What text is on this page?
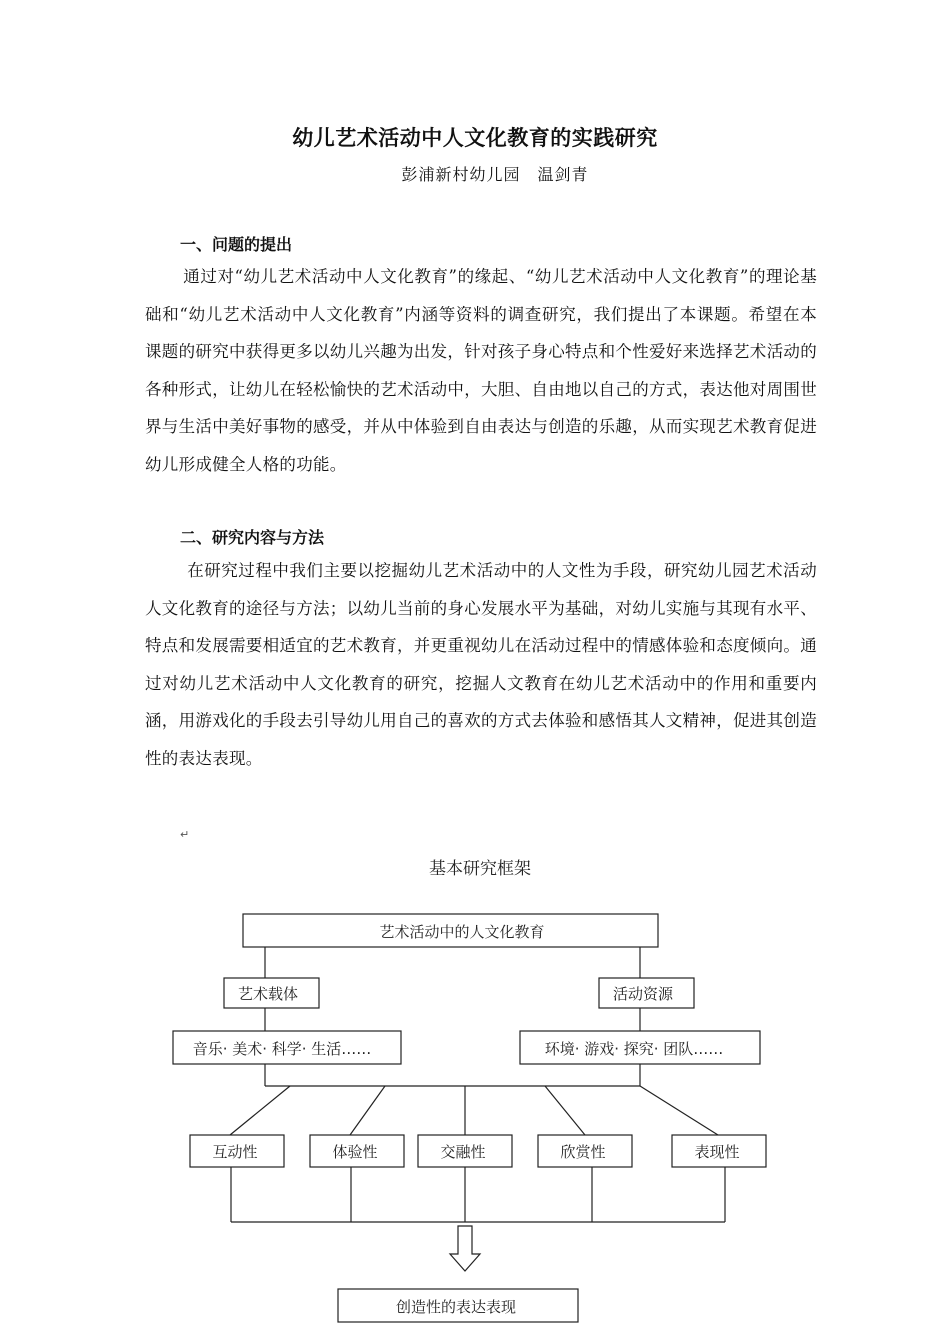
幼儿艺术活动中人文化教育的实践研究
彭浦新村幼儿园　温剑青
一、问题的提出
通过对“幼儿艺术活动中人文化教育”的缘起、“幼儿艺术活动中人文化教育”的理论基础和“幼儿艺术活动中人文化教育”内涵等资料的调查研究，我们提出了本课题。希望在本课题的研究中获得更多以幼儿兴趣为出发，针对孩子身心特点和个性爱好来选择艺术活动的各种形式，让幼儿在轻松愉快的艺术活动中，大胆、自由地以自己的方式，表达他对周围世界与生活中美好事物的感受，并从中体验到自由表达与创造的乐趣，从而实现艺术教育促进幼儿形成健全人格的功能。
二、研究内容与方法
在研究过程中我们主要以挖掘幼儿艺术活动中的人文性为手段，研究幼儿园艺术活动人文化教育的途径与方法；以幼儿当前的身心发展水平为基础，对幼儿实施与其现有水平、特点和发展需要相适宜的艺术教育，并更重视幼儿在活动过程中的情感体验和态度倾向。通过对幼儿艺术活动中人文化教育的研究，挖掘人文教育在幼儿艺术活动中的作用和重要内涵，用游戏化的手段去引导幼儿用自己的喜欢的方式去体验和感悟其人文精神，促进其创造性的表达表现。
↵
基本研究框架
艺术活动中的人文化教育
艺术载体	活动资源
音乐· 美术· 科学· 生活……	环境· 游戏· 探究· 团队……
互动性	体验性	交融性	欣赏性	表现性
创造性的表达表现
